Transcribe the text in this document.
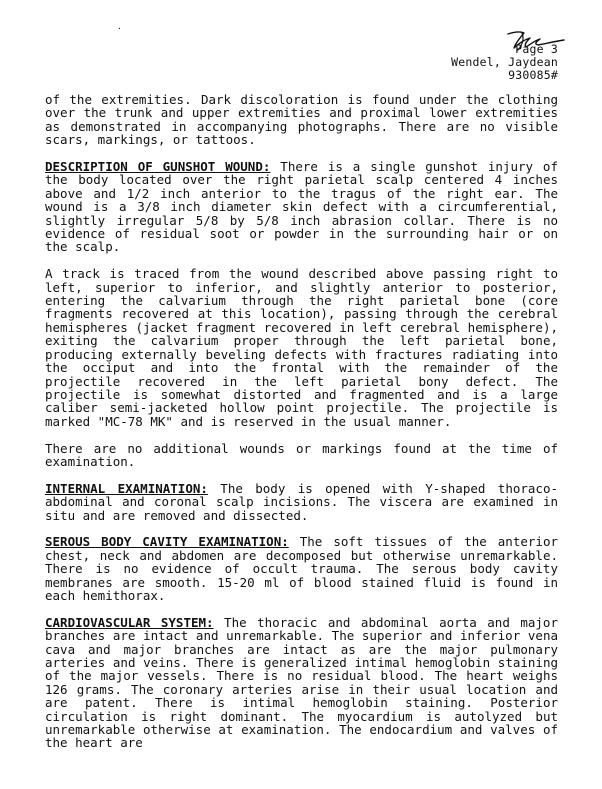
·
Page 3
Wendel, Jaydean
930085#

of the extremities. Dark discoloration is found under the clothing over the trunk and upper extremities and proximal lower extremities as demonstrated in accompanying photographs. There are no visible scars, markings, or tattoos.

DESCRIPTION OF GUNSHOT WOUND: There is a single gunshot injury of the body located over the right parietal scalp centered 4 inches above and 1/2 inch anterior to the tragus of the right ear. The wound is a 3/8 inch diameter skin defect with a circumferential, slightly irregular 5/8 by 5/8 inch abrasion collar. There is no evidence of residual soot or powder in the surrounding hair or on the scalp.

A track is traced from the wound described above passing right to left, superior to inferior, and slightly anterior to posterior, entering the calvarium through the right parietal bone (core fragments recovered at this location), passing through the cerebral hemispheres (jacket fragment recovered in left cerebral hemisphere), exiting the calvarium proper through the left parietal bone, producing externally beveling defects with fractures radiating into the occiput and into the frontal with the remainder of the projectile recovered in the left parietal bony defect. The projectile is somewhat distorted and fragmented and is a large caliber semi-jacketed hollow point projectile. The projectile is marked "MC-78 MK" and is reserved in the usual manner.

There are no additional wounds or markings found at the time of examination.

INTERNAL EXAMINATION: The body is opened with Y-shaped thoraco-abdominal and coronal scalp incisions. The viscera are examined in situ and are removed and dissected.

SEROUS BODY CAVITY EXAMINATION: The soft tissues of the anterior chest, neck and abdomen are decomposed but otherwise unremarkable. There is no evidence of occult trauma. The serous body cavity membranes are smooth. 15-20 ml of blood stained fluid is found in each hemithorax.

CARDIOVASCULAR SYSTEM: The thoracic and abdominal aorta and major branches are intact and unremarkable. The superior and inferior vena cava and major branches are intact as are the major pulmonary arteries and veins. There is generalized intimal hemoglobin staining of the major vessels. There is no residual blood. The heart weighs 126 grams. The coronary arteries arise in their usual location and are patent. There is intimal hemoglobin staining. Posterior circulation is right dominant. The myocardium is autolyzed but unremarkable otherwise at examination. The endocardium and valves of the heart are
